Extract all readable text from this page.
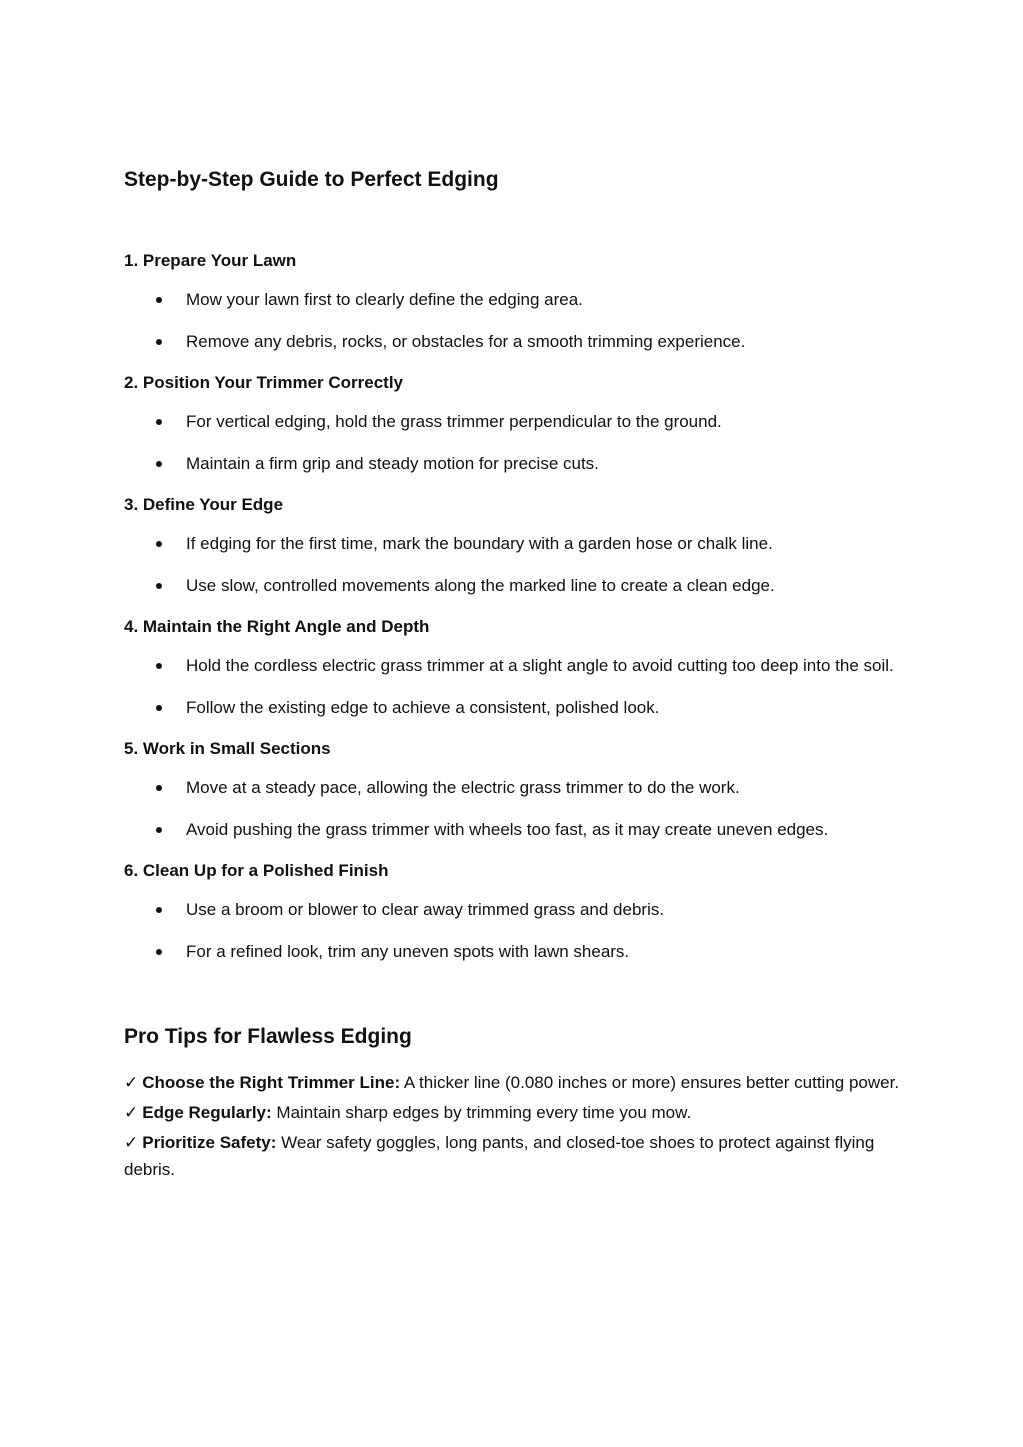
Step-by-Step Guide to Perfect Edging
1. Prepare Your Lawn
Mow your lawn first to clearly define the edging area.
Remove any debris, rocks, or obstacles for a smooth trimming experience.
2. Position Your Trimmer Correctly
For vertical edging, hold the grass trimmer perpendicular to the ground.
Maintain a firm grip and steady motion for precise cuts.
3. Define Your Edge
If edging for the first time, mark the boundary with a garden hose or chalk line.
Use slow, controlled movements along the marked line to create a clean edge.
4. Maintain the Right Angle and Depth
Hold the cordless electric grass trimmer at a slight angle to avoid cutting too deep into the soil.
Follow the existing edge to achieve a consistent, polished look.
5. Work in Small Sections
Move at a steady pace, allowing the electric grass trimmer to do the work.
Avoid pushing the grass trimmer with wheels too fast, as it may create uneven edges.
6. Clean Up for a Polished Finish
Use a broom or blower to clear away trimmed grass and debris.
For a refined look, trim any uneven spots with lawn shears.
Pro Tips for Flawless Edging

✓ Choose the Right Trimmer Line: A thicker line (0.080 inches or more) ensures better cutting power.

✓ Edge Regularly: Maintain sharp edges by trimming every time you mow.

✓ Prioritize Safety: Wear safety goggles, long pants, and closed-toe shoes to protect against flying debris.
